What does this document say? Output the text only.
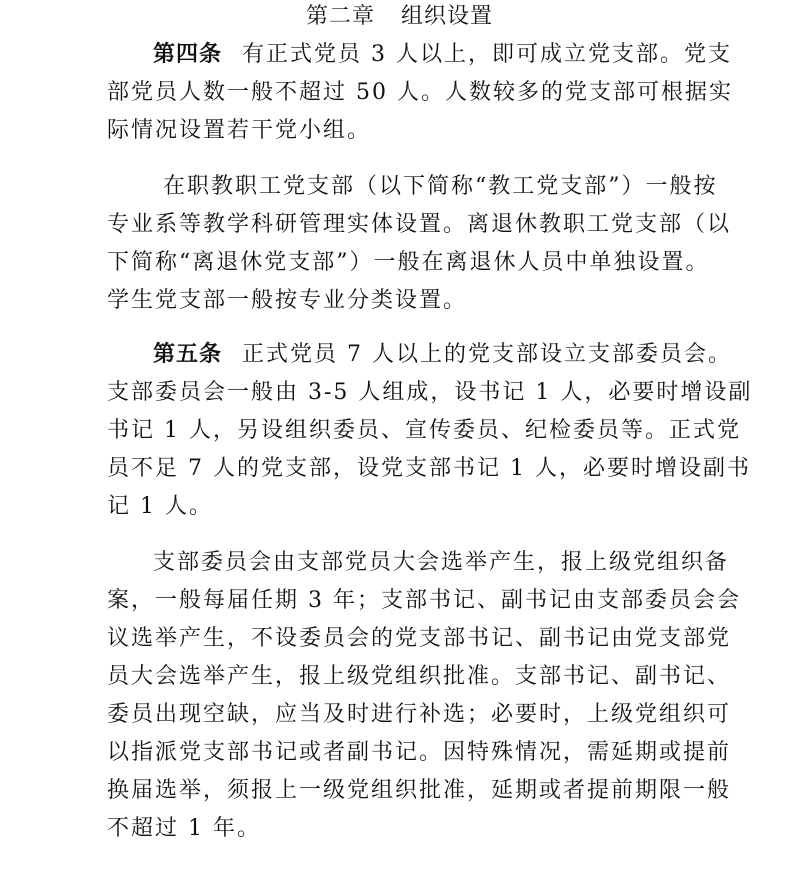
第二章 组织设置

第四条 有正式党员 3 人以上，即可成立党支部。党支

部党员人数一般不超过 50 人。人数较多的党支部可根据实
际情况设置若干党小组。

在职教职工党支部（以下简称“教工党支部”）一般按

专业系等教学科研管理实体设置。离退休教职工党支部（以
下简称“离退休党支部”）一般在离退休人员中单独设置。
学生党支部一般按专业分类设置。

第五条 正式党员 7 人以上的党支部设立支部委员会。

支部委员会一般由 3-5 人组成，设书记 1 人，必要时增设副
书记 1 人，另设组织委员、宣传委员、纪检委员等。正式党
员不足 7 人的党支部，设党支部书记 1 人，必要时增设副书
记 1 人。

支部委员会由支部党员大会选举产生，报上级党组织备

案，一般每届任期 3 年；支部书记、副书记由支部委员会会
议选举产生，不设委员会的党支部书记、副书记由党支部党
员大会选举产生，报上级党组织批准。支部书记、副书记、
委员出现空缺，应当及时进行补选；必要时，上级党组织可
以指派党支部书记或者副书记。因特殊情况，需延期或提前
换届选举，须报上一级党组织批准，延期或者提前期限一般
不超过 1 年。
